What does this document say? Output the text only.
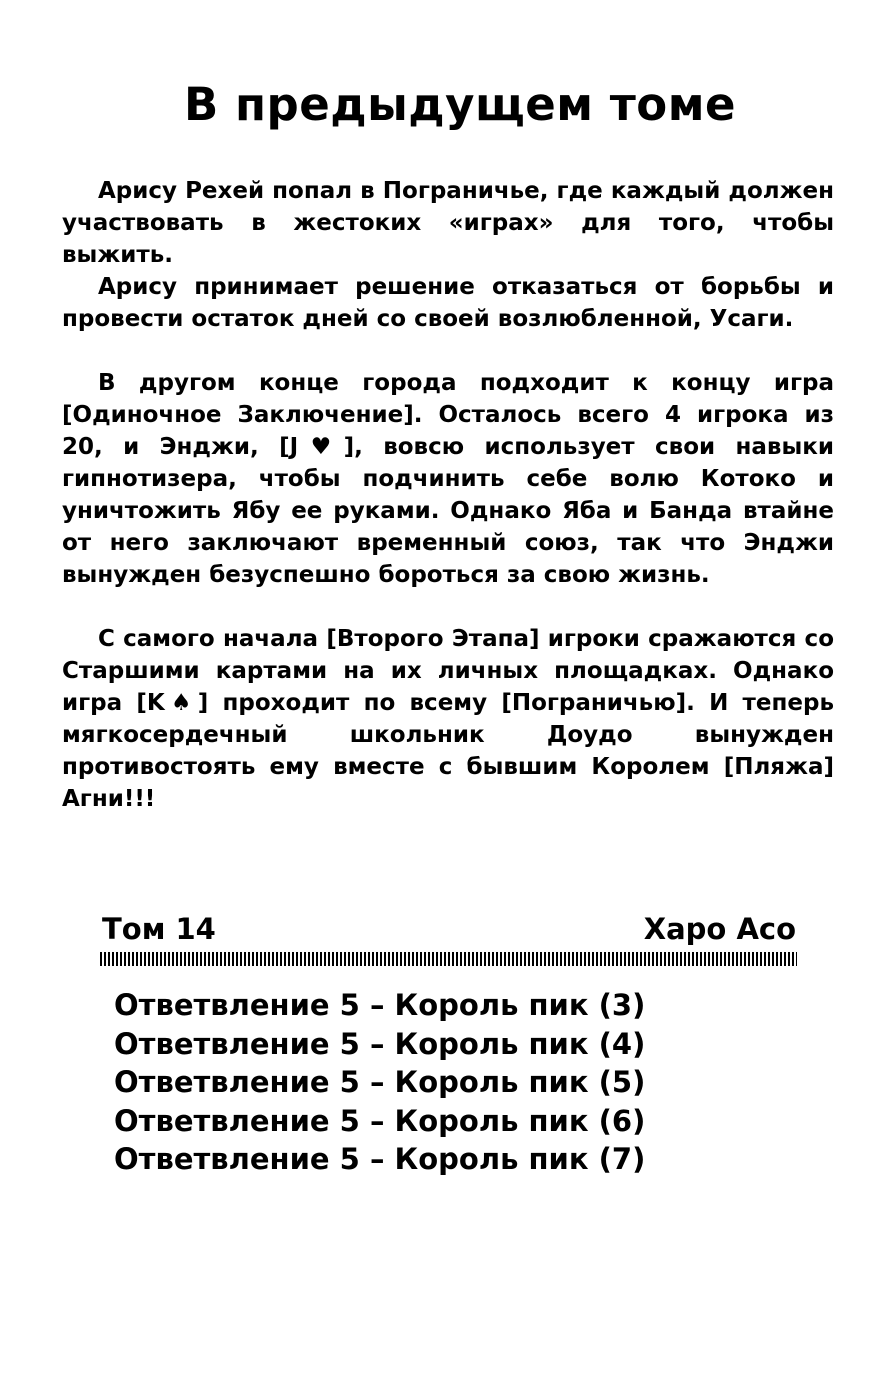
В предыдущем томе

Арису Рехей попал в Пограничье, где каждый должен участвовать в жестоких «играх» для того, чтобы выжить.

Арису принимает решение отказаться от борьбы и провести остаток дней со своей возлюбленной, Усаги.

В другом конце города подходит к концу игра [Одиночное Заключение]. Осталось всего 4 игрока из 20, и Энджи, [J♥], вовсю использует свои навыки гипнотизера, чтобы подчинить себе волю Котоко и уничтожить Ябу ее руками. Однако Яба и Банда втайне от него заключают временный союз, так что Энджи вынужден безуспешно бороться за свою жизнь.

С самого начала [Второго Этапа] игроки сражаются со Старшими картами на их личных площадках. Однако игра [K♠] проходит по всему [Пограничью]. И теперь мягкосердечный школьник Доудо вынужден противостоять ему вместе с бывшим Королем [Пляжа]

Агни!!!

Том 14	Харо Асо
Ответвление 5 – Король пик (3)
Ответвление 5 – Король пик (4)
Ответвление 5 – Король пик (5)
Ответвление 5 – Король пик (6)
Ответвление 5 – Король пик (7)
